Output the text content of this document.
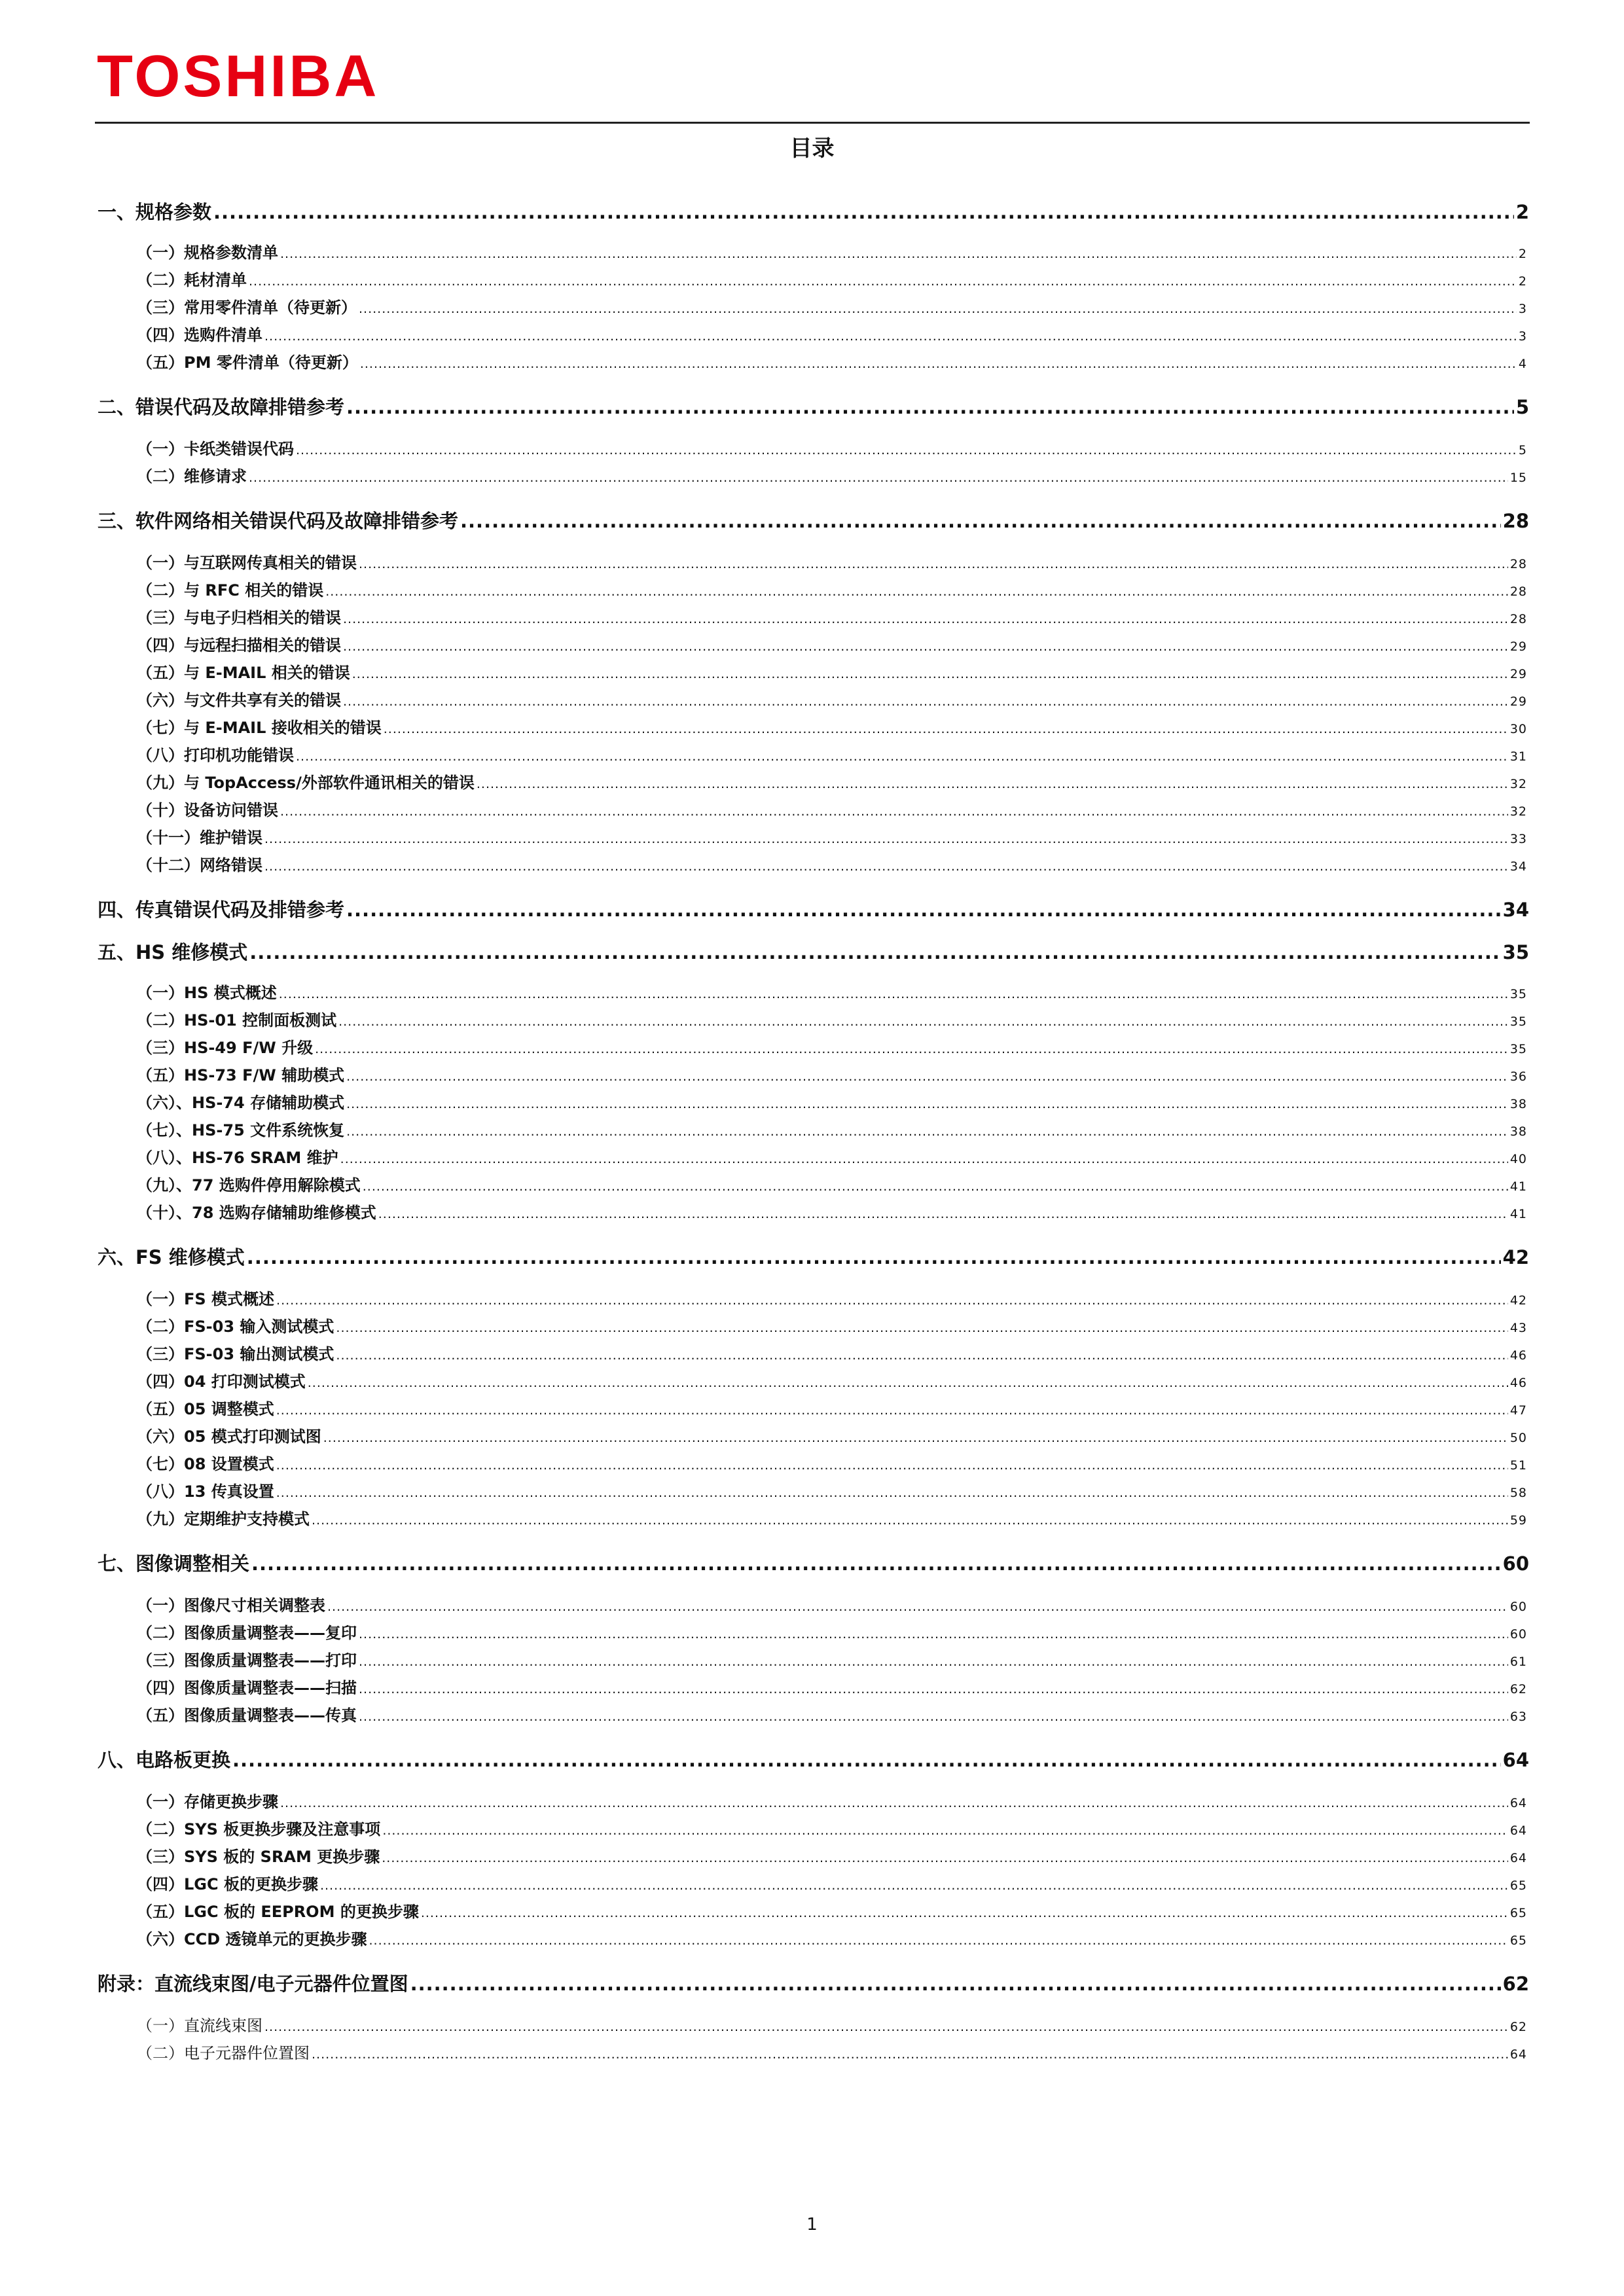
TOSHIBA
目录
一、规格参数 .....	2
（一）规格参数清单 .....	2
（二）耗材清单 .....	2
（三）常用零件清单（待更新） .....	3
（四）选购件清单 .....	3
（五）PM 零件清单（待更新） .....	4
二、错误代码及故障排错参考 .....	5
（一）卡纸类错误代码 .....	5
（二）维修请求 .....	15
三、软件网络相关错误代码及故障排错参考 .....	28
（一）与互联网传真相关的错误 .....	28
（二）与 RFC 相关的错误 .....	28
（三）与电子归档相关的错误 .....	28
（四）与远程扫描相关的错误 .....	29
（五）与 E-MAIL 相关的错误 .....	29
（六）与文件共享有关的错误 .....	29
（七）与 E-MAIL 接收相关的错误 .....	30
（八）打印机功能错误 .....	31
（九）与 TopAccess/外部软件通讯相关的错误 .....	32
（十）设备访问错误 .....	32
（十一）维护错误 .....	33
（十二）网络错误 .....	34
四、传真错误代码及排错参考 .....	34
五、HS 维修模式 .....	35
（一）HS 模式概述 .....	35
（二）HS-01 控制面板测试 .....	35
（三）HS-49 F/W 升级 .....	35
（五）HS-73 F/W 辅助模式 .....	36
（六）、HS-74 存储辅助模式 .....	38
（七）、HS-75 文件系统恢复 .....	38
（八）、HS-76 SRAM 维护 .....	40
（九）、77 选购件停用解除模式 .....	41
（十）、78 选购存储辅助维修模式 .....	41
六、FS 维修模式 .....	42
（一）FS 模式概述 .....	42
（二）FS-03 输入测试模式 .....	43
（三）FS-03 输出测试模式 .....	46
（四）04 打印测试模式 .....	46
（五）05 调整模式 .....	47
（六）05 模式打印测试图 .....	50
（七）08 设置模式 .....	51
（八）13 传真设置 .....	58
（九）定期维护支持模式 .....	59
七、图像调整相关 .....	60
（一）图像尺寸相关调整表 .....	60
（二）图像质量调整表——复印 .....	60
（三）图像质量调整表——打印 .....	61
（四）图像质量调整表——扫描 .....	62
（五）图像质量调整表——传真 .....	63
八、电路板更换 .....	64
（一）存储更换步骤 .....	64
（二）SYS 板更换步骤及注意事项 .....	64
（三）SYS 板的 SRAM 更换步骤 .....	64
（四）LGC 板的更换步骤 .....	65
（五）LGC 板的 EEPROM 的更换步骤 .....	65
（六）CCD 透镜单元的更换步骤 .....	65
附录：直流线束图/电子元器件位置图 .....	62
（一）直流线束图 .....	62
（二）电子元器件位置图 .....	64
1
